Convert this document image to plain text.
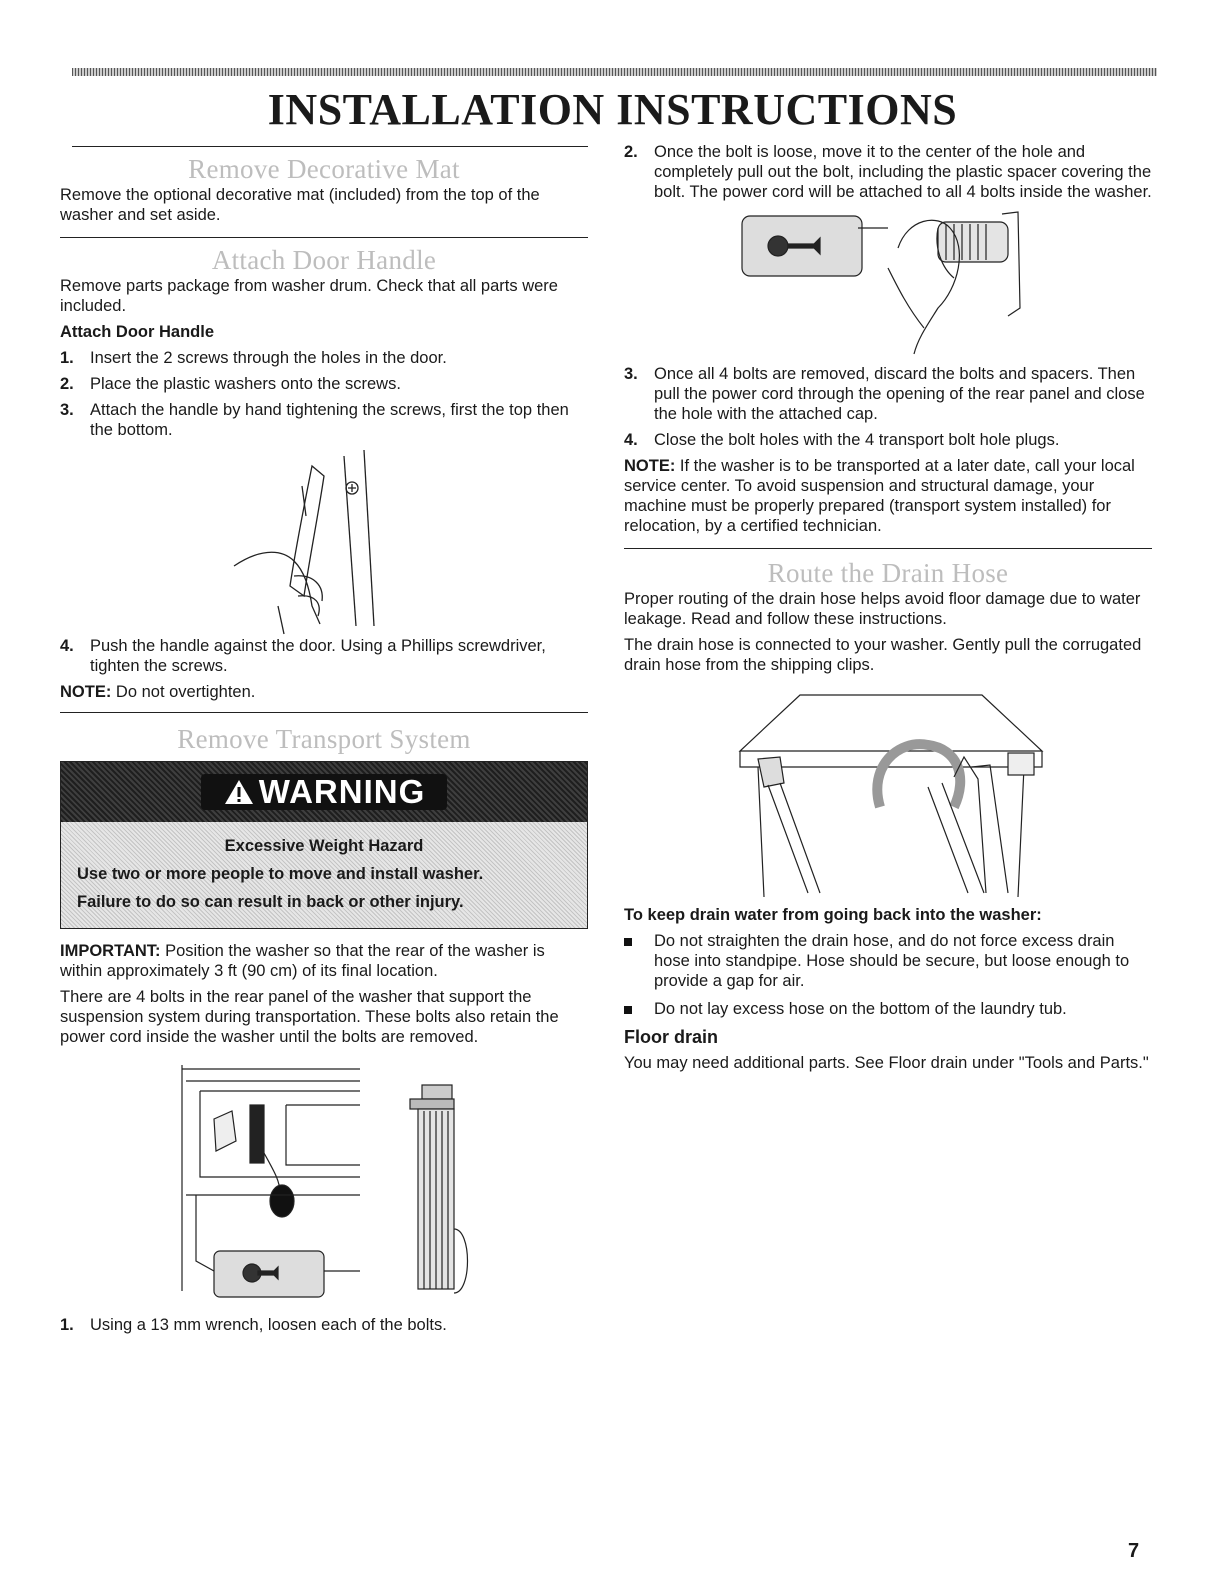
INSTALLATION INSTRUCTIONS
Remove Decorative Mat

Remove the optional decorative mat (included) from the top of the washer and set aside.

Attach Door Handle

Remove parts package from washer drum. Check that all parts were included.

Attach Door Handle
1. Insert the 2 screws through the holes in the door.
2. Place the plastic washers onto the screws.
3. Attach the handle by hand tightening the screws, first the top then the bottom.
4. Push the handle against the door. Using a Phillips screwdriver, tighten the screws.

NOTE: Do not overtighten.

Remove Transport System
WARNING
Excessive Weight Hazard
Use two or more people to move and install washer.
Failure to do so can result in back or other injury.

IMPORTANT: Position the washer so that the rear of the washer is within approximately 3 ft (90 cm) of its final location.

There are 4 bolts in the rear panel of the washer that support the suspension system during transportation. These bolts also retain the power cord inside the washer until the bolts are removed.

1. Using a 13 mm wrench, loosen each of the bolts.
2. Once the bolt is loose, move it to the center of the hole and completely pull out the bolt, including the plastic spacer covering the bolt. The power cord will be attached to all 4 bolts inside the washer.
3. Once all 4 bolts are removed, discard the bolts and spacers. Then pull the power cord through the opening of the rear panel and close the hole with the attached cap.
4. Close the bolt holes with the 4 transport bolt hole plugs.

NOTE: If the washer is to be transported at a later date, call your local service center. To avoid suspension and structural damage, your machine must be properly prepared (transport system installed) for relocation, by a certified technician.

Route the Drain Hose

Proper routing of the drain hose helps avoid floor damage due to water leakage. Read and follow these instructions.

The drain hose is connected to your washer. Gently pull the corrugated drain hose from the shipping clips.

To keep drain water from going back into the washer:
Do not straighten the drain hose, and do not force excess drain hose into standpipe. Hose should be secure, but loose enough to provide a gap for air.
Do not lay excess hose on the bottom of the laundry tub.
Floor drain

You may need additional parts. See Floor drain under "Tools and Parts."

7
